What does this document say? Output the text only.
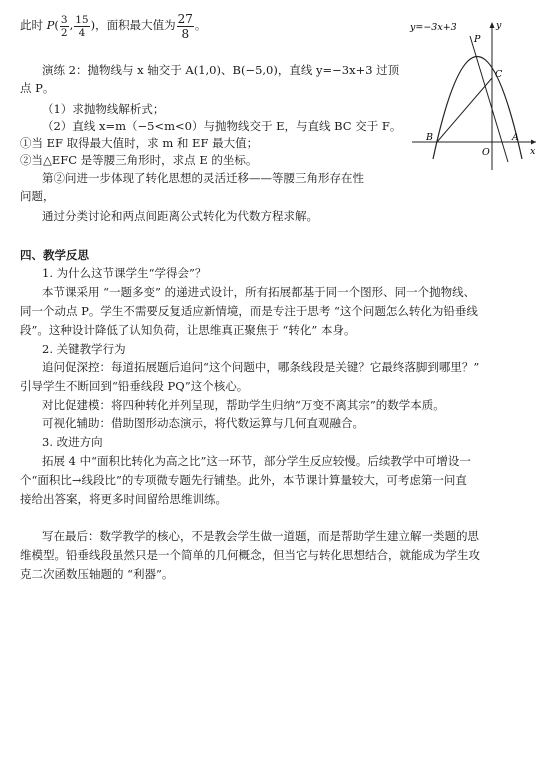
此时 $P( \frac{3}{2}$ , $\frac{15}{4}$ )，面积最大值为 $\frac{27}{8}$ 。
演练 2：抛物线与 x 轴交于 A(1,0)、B(−5,0)，直线 y=−3x+3 过顶
点 P。
（1）求抛物线解析式；
（2）直线 x=m（−5<m<0）与抛物线交于 E，与直线 BC 交于 F。
①当 EF 取得最大值时，求 m 和 EF 最大值；
②当△EFC 是等腰三角形时，求点 E 的坐标。
第②问进一步体现了转化思想的灵活迁移——等腰三角形存在性
问题，
通过分类讨论和两点间距离公式转化为代数方程求解。
y=−3x+3	y
x
P
C
B
O
A
四、教学反思
1. 为什么这节课学生“学得会”？
本节课采用 “一题多变” 的递进式设计，所有拓展都基于同一个图形、同一个抛物线、
同一个动点 P。学生不需要反复适应新情境，而是专注于思考 “这个问题怎么转化为铅垂线
段”。这种设计降低了认知负荷，让思维真正聚焦于 “转化” 本身。
2. 关键教学行为
追问促深控：每道拓展题后追问“这个问题中，哪条线段是关键？它最终落脚到哪里？”
引导学生不断回到“铅垂线段 PQ”这个核心。
对比促建模：将四种转化并列呈现，帮助学生归纳“万变不离其宗”的数学本质。
可视化辅助：借助图形动态演示，将代数运算与几何直观融合。
3. 改进方向
拓展 4 中“面积比转化为高之比”这一环节，部分学生反应较慢。后续教学中可增设一
个“面积比→线段比”的专项微专题先行铺垫。此外，本节课计算量较大，可考虑第一问直
接给出答案，将更多时间留给思维训练。
写在最后：数学教学的核心，不是教会学生做一道题，而是帮助学生建立解一类题的思
维模型。铅垂线段虽然只是一个简单的几何概念，但当它与转化思想结合，就能成为学生攻
克二次函数压轴题的 “利器”。
